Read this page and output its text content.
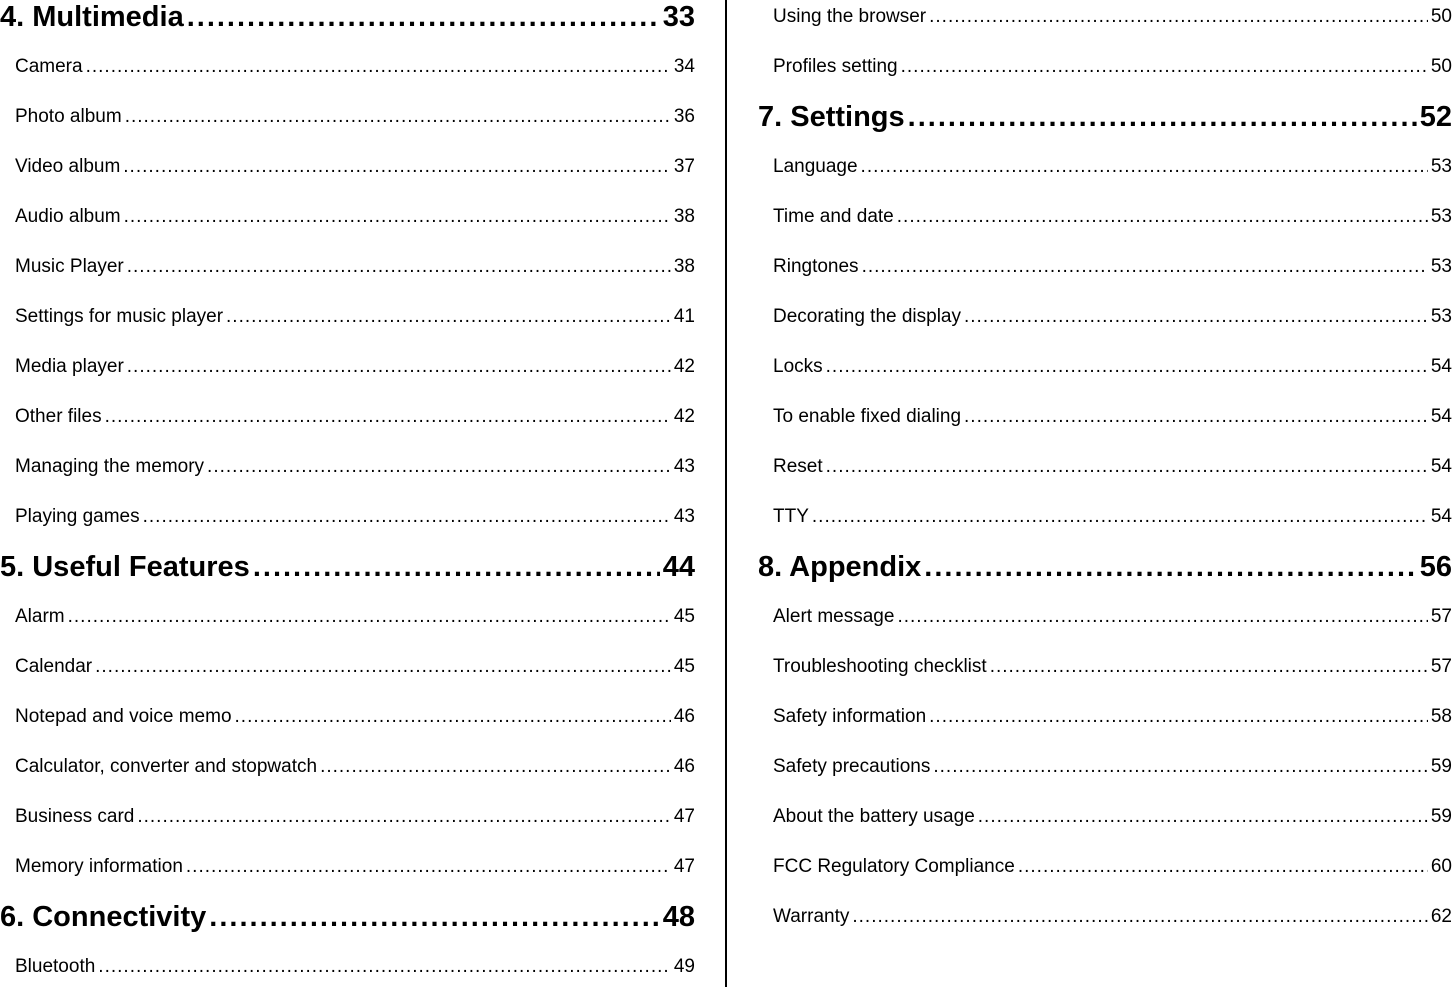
4. Multimedia .....	33
Camera .....	34
Photo album .....	36
Video album .....	37
Audio album .....	38
Music Player .....	38
Settings for music player .....	41
Media player .....	42
Other files .....	42
Managing the memory .....	43
Playing games .....	43
5. Useful Features .....	44
Alarm .....	45
Calendar .....	45
Notepad and voice memo .....	46
Calculator, converter and stopwatch .....	46
Business card .....	47
Memory information .....	47
6. Connectivity .....	48
Bluetooth .....	49
Using the browser .....	50
Profiles setting .....	50
7. Settings .....	52
Language .....	53
Time and date .....	53
Ringtones .....	53
Decorating the display .....	53
Locks .....	54
To enable fixed dialing .....	54
Reset .....	54
TTY .....	54
8. Appendix .....	56
Alert message .....	57
Troubleshooting checklist .....	57
Safety information .....	58
Safety precautions .....	59
About the battery usage .....	59
FCC Regulatory Compliance .....	60
Warranty .....	62
